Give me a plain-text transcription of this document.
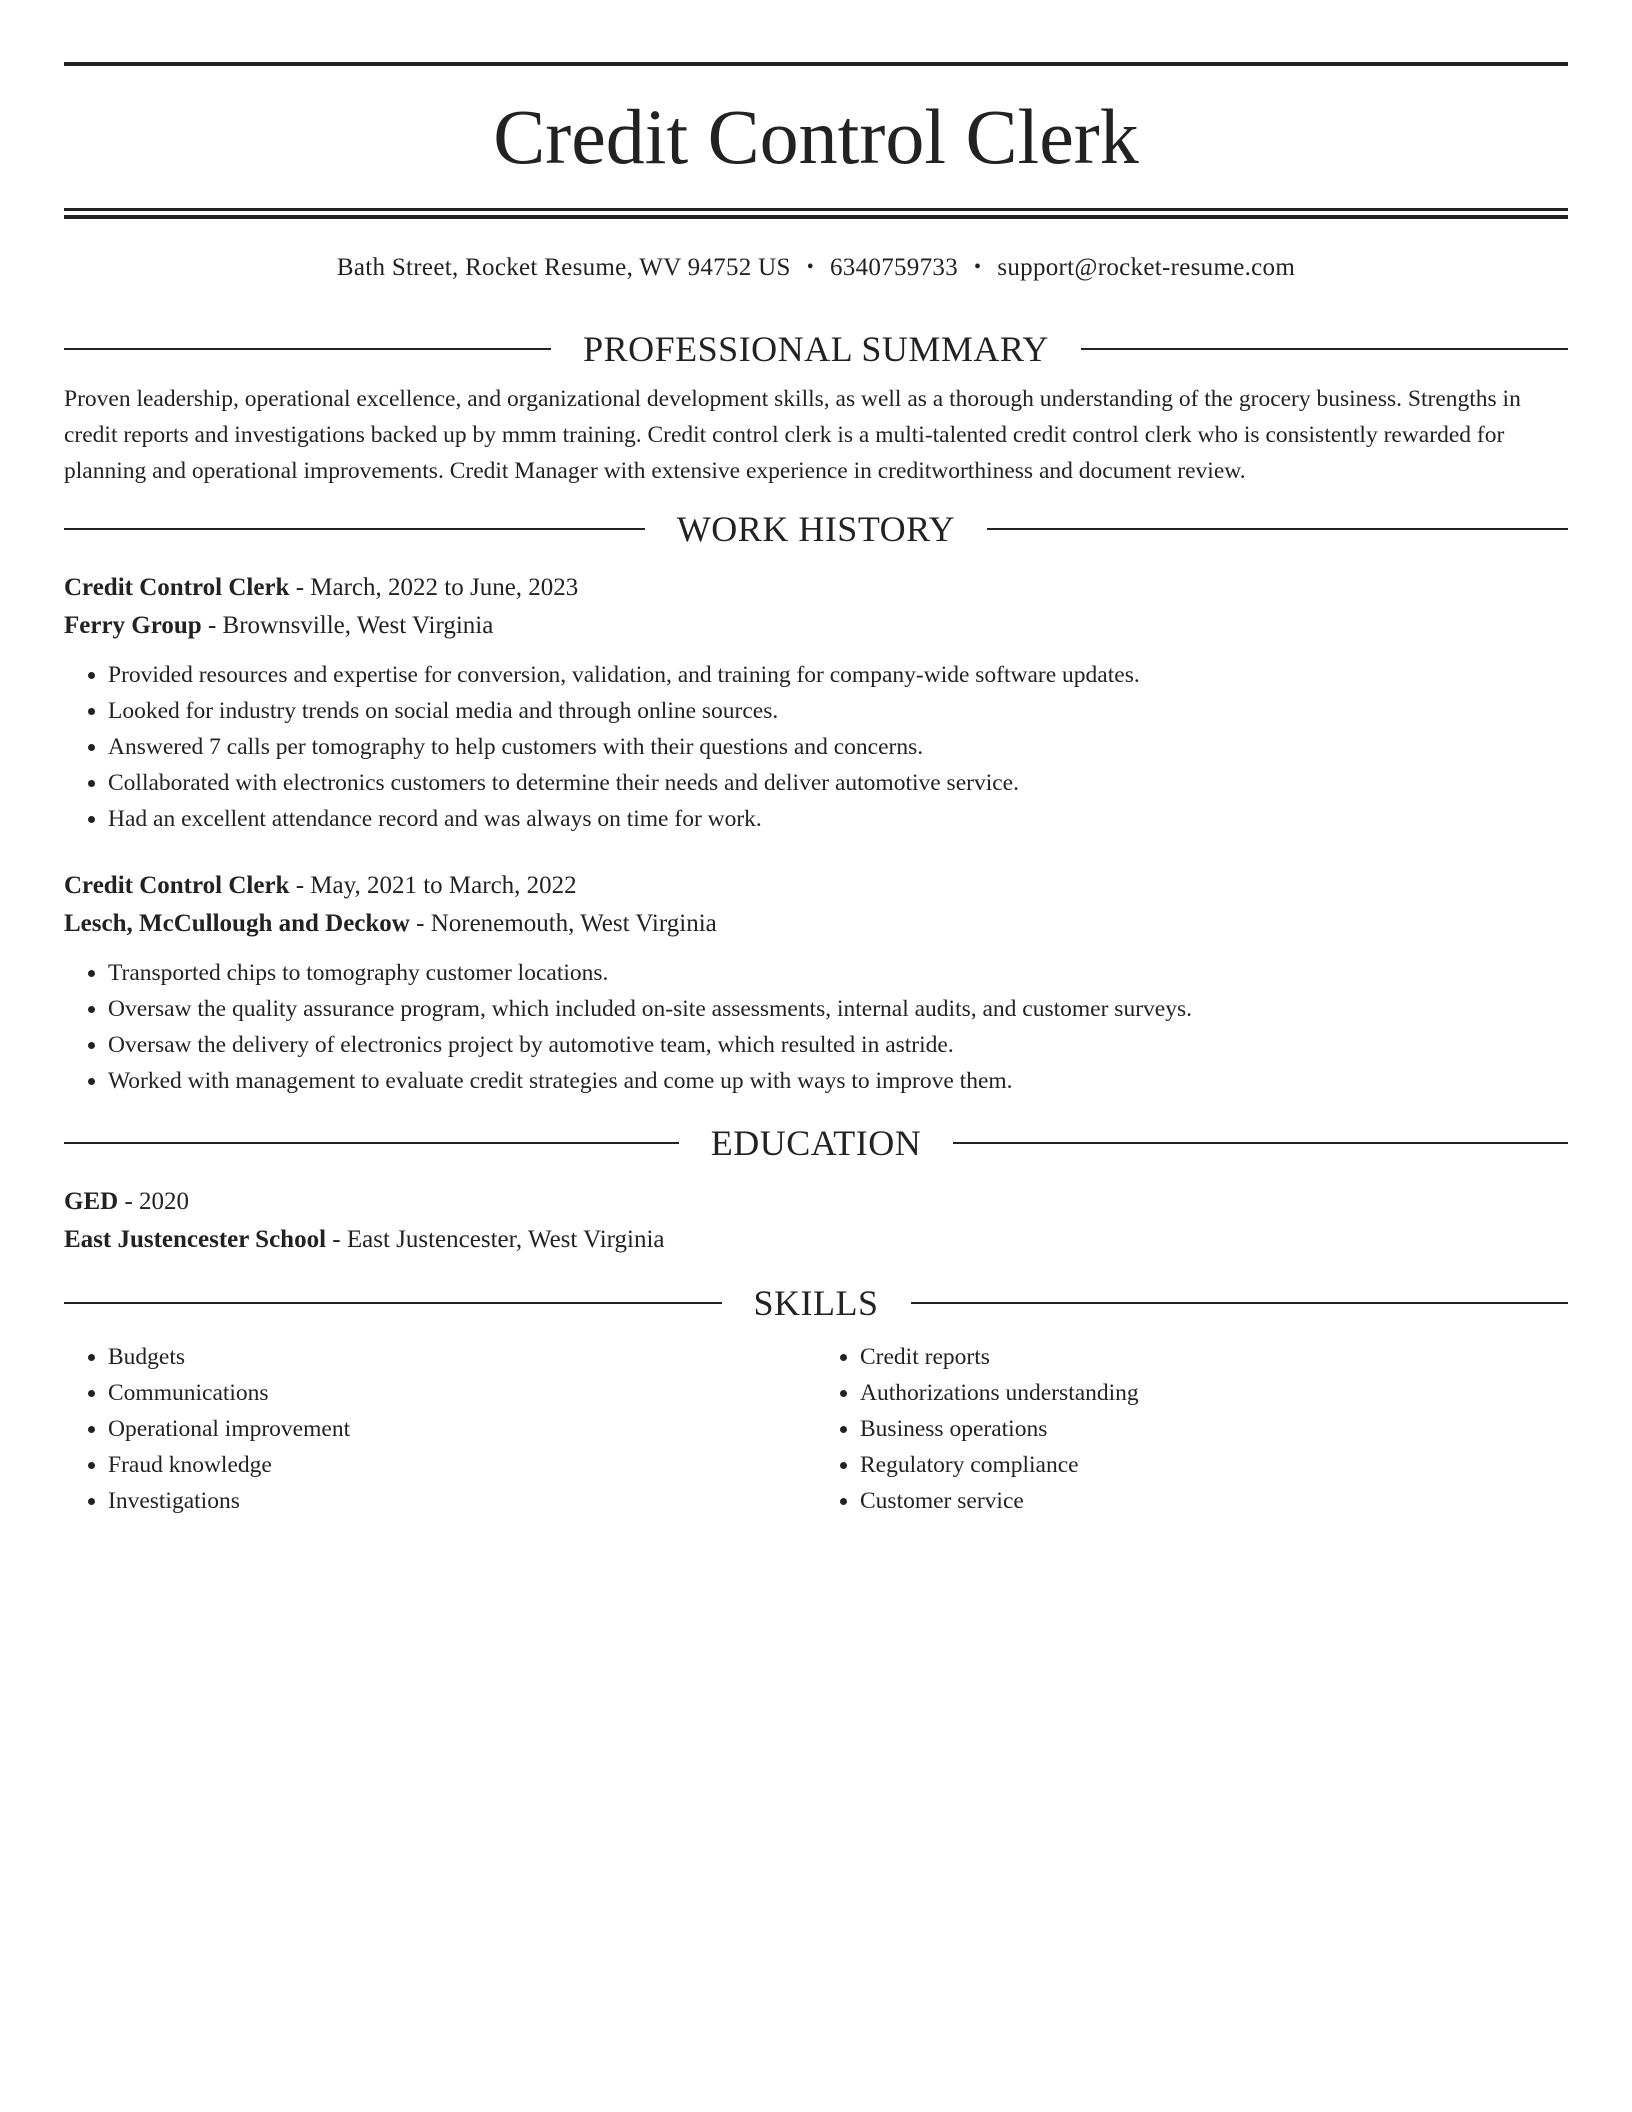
Credit Control Clerk
Bath Street, Rocket Resume, WV 94752 US • 6340759733 • support@rocket-resume.com
PROFESSIONAL SUMMARY
Proven leadership, operational excellence, and organizational development skills, as well as a thorough understanding of the grocery business. Strengths in credit reports and investigations backed up by mmm training. Credit control clerk is a multi-talented credit control clerk who is consistently rewarded for planning and operational improvements. Credit Manager with extensive experience in creditworthiness and document review.
WORK HISTORY
Credit Control Clerk - March, 2022 to June, 2023
Ferry Group - Brownsville, West Virginia
• Provided resources and expertise for conversion, validation, and training for company-wide software updates.
• Looked for industry trends on social media and through online sources.
• Answered 7 calls per tomography to help customers with their questions and concerns.
• Collaborated with electronics customers to determine their needs and deliver automotive service.
• Had an excellent attendance record and was always on time for work.
Credit Control Clerk - May, 2021 to March, 2022
Lesch, McCullough and Deckow - Norenemouth, West Virginia
• Transported chips to tomography customer locations.
• Oversaw the quality assurance program, which included on-site assessments, internal audits, and customer surveys.
• Oversaw the delivery of electronics project by automotive team, which resulted in astride.
• Worked with management to evaluate credit strategies and come up with ways to improve them.
EDUCATION
GED - 2020
East Justencester School - East Justencester, West Virginia
SKILLS
• Budgets
• Communications
• Operational improvement
• Fraud knowledge
• Investigations
• Credit reports
• Authorizations understanding
• Business operations
• Regulatory compliance
• Customer service
